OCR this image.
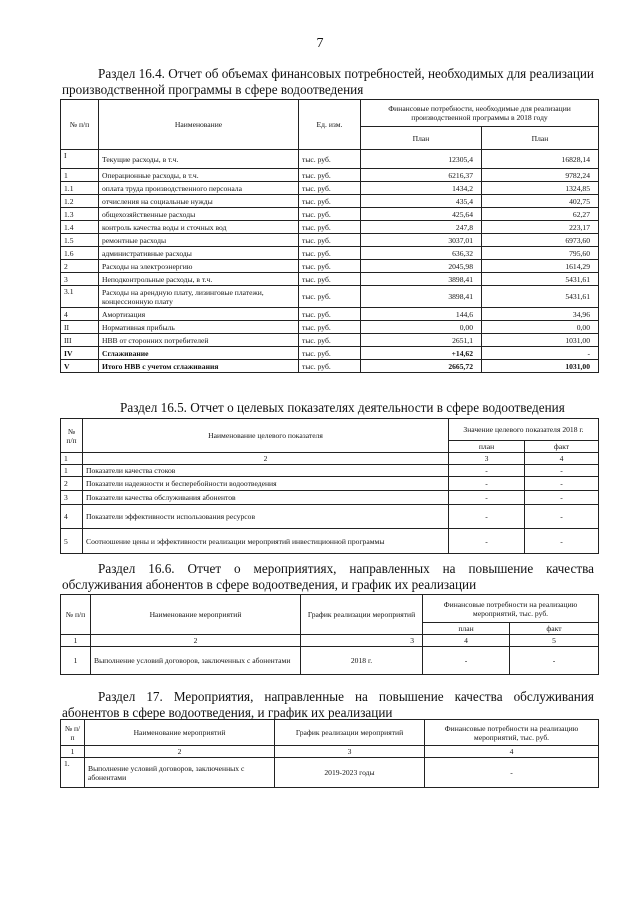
7
Раздел 16.4. Отчет об объемах финансовых потребностей, необходимых для реализации производственной программы в сфере водоотведения
№ п/п	Наименование	Ед. изм.	Финансовые потребности, необходимые для реализации производственной программы в 2018 году	
			План	План
I	Текущие расходы, в т.ч.	тыс. руб.	12305,4	16828,14
1	Операционные расходы, в т.ч.	тыс. руб.	6216,37	9782,24
1.1	оплата труда производственного персонала	тыс. руб.	1434,2	1324,85
1.2	отчисления на социальные нужды	тыс. руб.	435,4	402,75
1.3	общехозяйственные расходы	тыс. руб.	425,64	62,27
1.4	контроль качества воды и сточных вод	тыс. руб.	247,8	223,17
1.5	ремонтные расходы	тыс. руб.	3037,01	6973,60
1.6	административные расходы	тыс. руб.	636,32	795,60
2	Расходы на электроэнергию	тыс. руб.	2045,98	1614,29
3	Неподконтрольные расходы, в т.ч.	тыс. руб.	3898,41	5431,61
3.1	Расходы на арендную плату, лизинговые платежи, концессионную плату	тыс. руб.	3898,41	5431,61
4	Амортизация	тыс. руб.	144,6	34,96
II	Нормативная прибыль	тыс. руб.	0,00	0,00
III	НВВ от сторонних потребителей	тыс. руб.	2651,1	1031,00
IV	Сглаживание	тыс. руб.	+14,62	-
V	Итого НВВ с учетом сглаживания	тыс. руб.	2665,72	1031,00
Раздел 16.5. Отчет о целевых показателях деятельности в сфере водоотведения
№ п/п	Наименование целевого показателя	Значение целевого показателя 2018 г.	
		план	факт
1	2	3	4
1	Показатели качества стоков	-	-
2	Показатели надежности и бесперебойности водоотведения	-	-
3	Показатели качества обслуживания абонентов	-	-
4	Показатели эффективности использования ресурсов	-	-
5	Соотношение цены и эффективности реализации мероприятий инвестиционной программы	-	-
Раздел 16.6. Отчет о мероприятиях, направленных на повышение качества обслуживания абонентов в сфере водоотведения, и график их реализации
№ п/п	Наименование мероприятий	График реализации мероприятий	Финансовые потребности на реализацию мероприятий, тыс. руб.	
			план	факт
1	2	3	4	5
1	Выполнение условий договоров, заключенных с абонентами	2018 г.	-	-
Раздел 17. Мероприятия, направленные на повышение качества обслуживания абонентов в сфере водоотведения, и график их реализации
№ п/п	Наименование мероприятий	График реализации мероприятий	Финансовые потребности на реализацию мероприятий, тыс. руб.
1	2	3	4
1.	Выполнение условий договоров, заключенных с абонентами	2019-2023 годы	-
